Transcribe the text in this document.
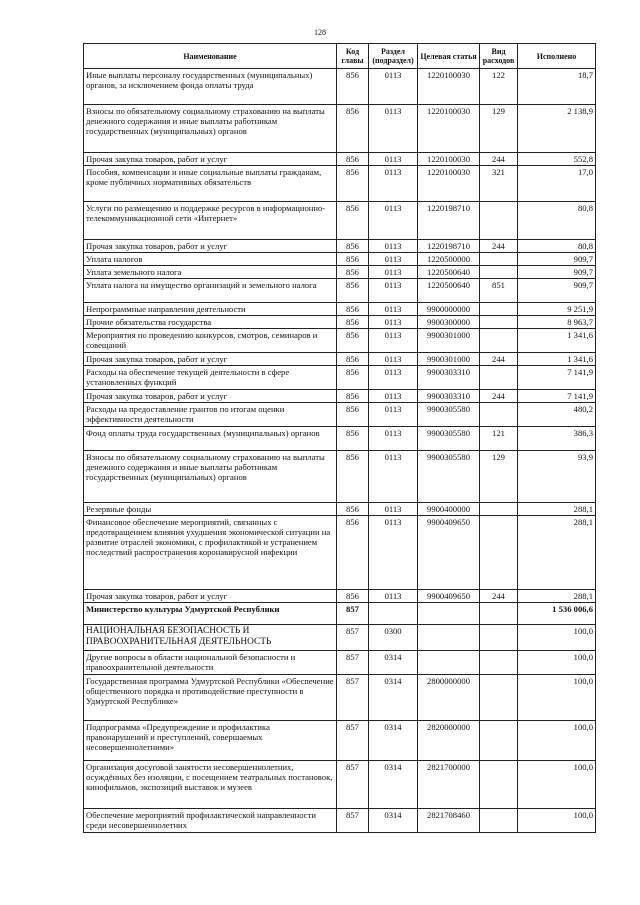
128
Наименование	Код главы	Раздел (подраздел)	Целевая статья	Вид расходов	Исполнено
Иные выплаты персоналу государственных (муниципальных) органов, за исключением фонда оплаты труда	856	0113	1220100030	122	18,7
Взносы по обязательному социальному страхованию на выплаты денежного содержания и иные выплаты работникам государственных (муниципальных) органов	856	0113	1220100030	129	2 138,9
Прочая закупка товаров, работ и услуг	856	0113	1220100030	244	552,8
Пособия, компенсации и иные социальные выплаты гражданам, кроме публичных нормативных обязательств	856	0113	1220100030	321	17,0
Услуги по размещению и поддержке ресурсов в информационно-телекоммуникационной сети «Интернет»	856	0113	1220198710		80,8
Прочая закупка товаров, работ и услуг	856	0113	1220198710	244	80,8
Уплата налогов	856	0113	1220500000		909,7
Уплата земельного налога	856	0113	1220500640		909,7
Уплата налога на имущество организаций и земельного налога	856	0113	1220500640	851	909,7
Непрограммные направления деятельности	856	0113	9900000000		9 251,9
Прочие обязательства государства	856	0113	9900300000		8 963,7
Мероприятия по проведению конкурсов, смотров, семинаров и совещаний	856	0113	9900301000		1 341,6
Прочая закупка товаров, работ и услуг	856	0113	9900301000	244	1 341,6
Расходы на обеспечение текущей деятельности в сфере установленных функций	856	0113	9900303310		7 141,9
Прочая закупка товаров, работ и услуг	856	0113	9900303310	244	7 141,9
Расходы на предоставление грантов по итогам оценки эффективности деятельности	856	0113	9900305580		480,2
Фонд оплаты труда государственных (муниципальных) органов	856	0113	9900305580	121	386,3
Взносы по обязательному социальному страхованию на выплаты денежного содержания и иные выплаты работникам государственных (муниципальных) органов	856	0113	9900305580	129	93,9
Резервные фонды	856	0113	9900400000		288,1
Финансовое обеспечение мероприятий, связанных с предотвращением влияния ухудшения экономической ситуации на развитие отраслей экономики, с профилактикой и устранением последствий распространения коронавирусной инфекции	856	0113	9900409650		288,1
Прочая закупка товаров, работ и услуг	856	0113	9900409650	244	288,1
Министерство культуры Удмуртской Республики	857				1 536 006,6
НАЦИОНАЛЬНАЯ БЕЗОПАСНОСТЬ И ПРАВООХРАНИТЕЛЬНАЯ ДЕЯТЕЛЬНОСТЬ	857	0300			100,0
Другие вопросы в области национальной безопасности и правоохранительной деятельности	857	0314			100,0
Государственная программа Удмуртской Республики «Обеспечение общественного порядка и противодействие преступности в Удмуртской Республике»	857	0314	2800000000		100,0
Подпрограмма «Предупреждение и профилактика правонарушений и преступлений, совершаемых несовершеннолетними»	857	0314	2820000000		100,0
Организация досуговой занятости несовершеннолетних, осуждённых без изоляции, с посещением театральных постановок, кинофильмов, экспозиций выставок и музеев	857	0314	2821700000		100,0
Обеспечение мероприятий профилактической направленности среди несовершеннолетних	857	0314	2821708460		100,0
